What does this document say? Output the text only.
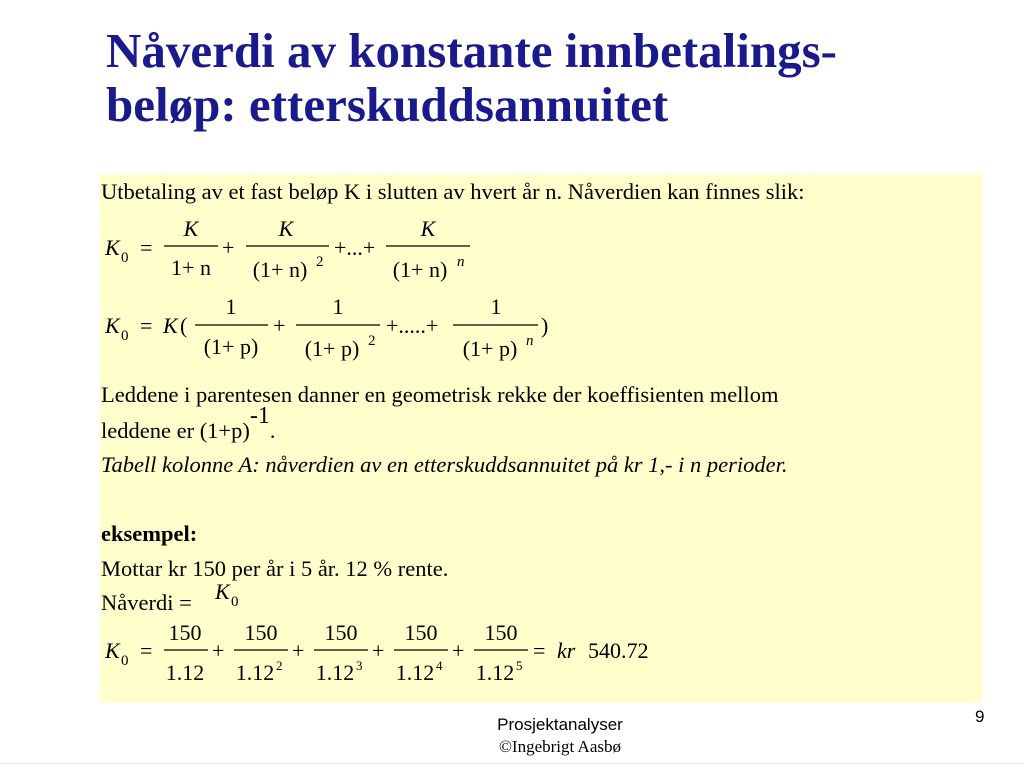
Nåverdi av konstante innbetalings-
beløp: etterskuddsannuitet
Utbetaling av et fast beløp K i slutten av hvert år n. Nåverdien kan finnes slik:
K 0 =
K
1+ n
+
K
(1+ n) 2
+...+
K
(1+ n) n
K 0 = K (
1
(1+ p)
+
1
(1+ p) 2
+.....+
1
(1+ p) n
)
Leddene i parentesen danner en geometrisk rekke der koeffisienten mellom
leddene er $(1+p)^{-1}$.
Tabell kolonne A: nåverdien av en etterskuddsannuitet på kr 1,- i n perioder.
eksempel:
Mottar kr 150 per år i 5 år. 12 % rente.
Nåverdi = K 0
K 0 =
150
1.12
+
150
1.12 2
+
150
1.12 3
+
150
1.12 4
+
150
1.12 5
= kr 540.72
Prosjektanalyser
©Ingebrigt Aasbø
9
